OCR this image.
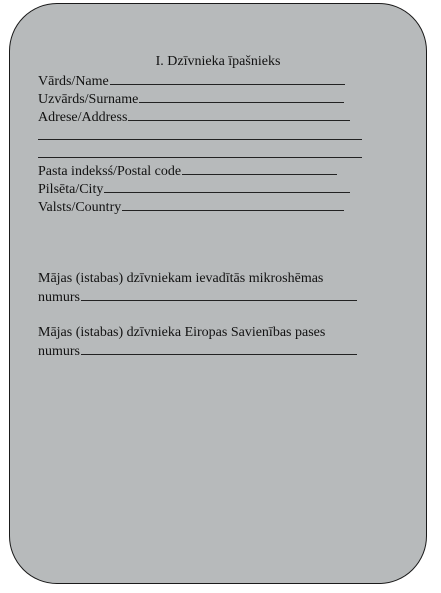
I. Dzīvnieka īpašnieks
Vārds/Name
Uzvārds/Surname
Adrese/Address
Pasta indeksś/Postal code
Pilsēta/City
Valsts/Country
Mājas (istabas) dzīvniekam ievadītās mikroshēmas
numurs
Mājas (istabas) dzīvnieka Eiropas Savienības pases
numurs
